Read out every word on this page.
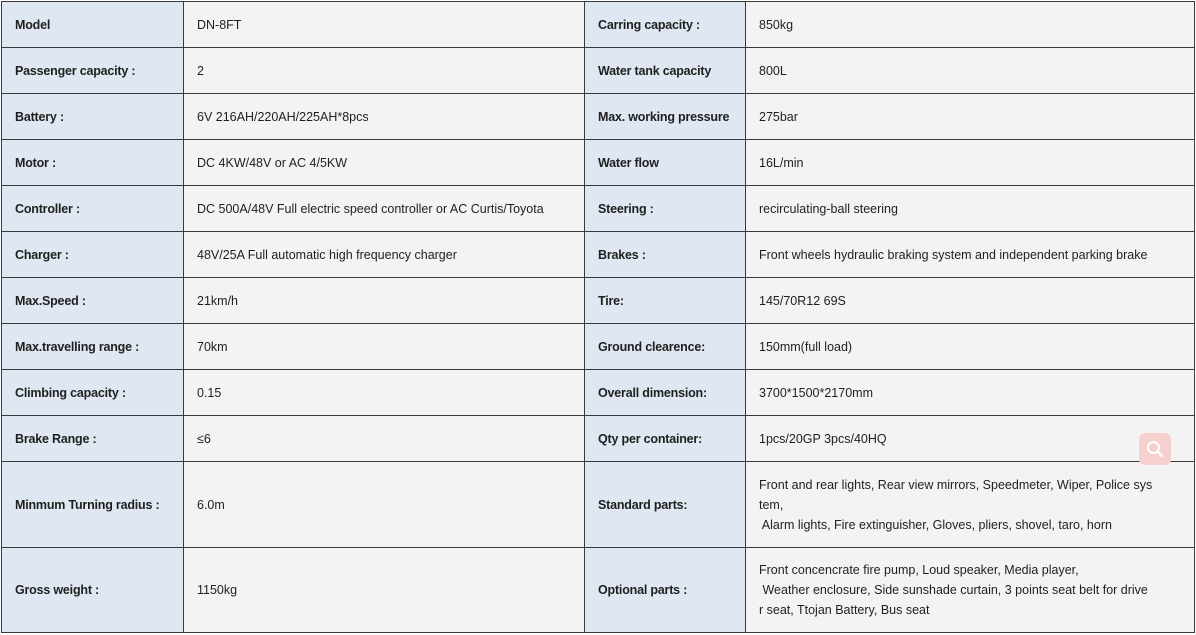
Model	DN-8FT	Carring capacity :	850kg
Passenger capacity :	2	Water tank capacity	800L
Battery :	6V 216AH/220AH/225AH*8pcs	Max. working pressure	275bar
Motor :	DC 4KW/48V or AC 4/5KW	Water flow	16L/min
Controller :	DC 500A/48V Full electric speed controller or AC Curtis/Toyota	Steering :	recirculating-ball steering
Charger :	48V/25A Full automatic high frequency charger	Brakes :	Front wheels hydraulic braking system and independent parking brake
Max.Speed :	21km/h	Tire:	145/70R12 69S
Max.travelling range :	70km	Ground clearence:	150mm(full load)
Climbing capacity :	0.15	Overall dimension:	3700*1500*2170mm
Brake Range :	≤6	Qty per container:	1pcs/20GP 3pcs/40HQ
Minmum Turning radius :	6.0m	Standard parts:	Front and rear lights, Rear view mirrors, Speedmeter, Wiper, Police sys
tem,
Alarm lights, Fire extinguisher, Gloves, pliers, shovel, taro, horn

Gross weight :	1150kg	Optional parts :	Front concencrate fire pump, Loud speaker, Media player,
Weather enclosure, Side sunshade curtain, 3 points seat belt for drive
r seat, Ttojan Battery, Bus seat
